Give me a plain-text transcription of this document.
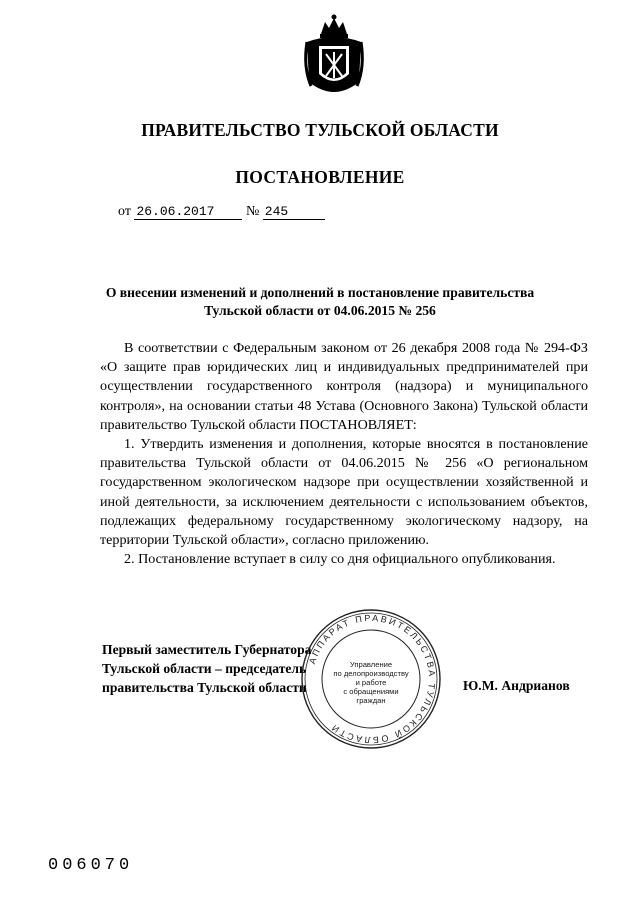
ПРАВИТЕЛЬСТВО ТУЛЬСКОЙ ОБЛАСТИ
ПОСТАНОВЛЕНИЕ
от 26.06.2017 № 245
О внесении изменений и дополнений в постановление правительства
Тульской области от 04.06.2015 № 256

В соответствии с Федеральным законом от 26 декабря 2008 года № 294-ФЗ «О защите прав юридических лиц и индивидуальных предпринимателей при осуществлении государственного контроля (надзора) и муниципального контроля», на основании статьи 48 Устава (Основного Закона) Тульской области правительство Тульской области ПОСТАНОВЛЯЕТ:

1. Утвердить изменения и дополнения, которые вносятся в постановление правительства Тульской области от 04.06.2015 № 256 «О региональном государственном экологическом надзоре при осуществлении хозяйственной и иной деятельности, за исключением деятельности с использованием объектов, подлежащих федеральному государственному экологическому надзору, на территории Тульской области», согласно приложению.

2. Постановление вступает в силу со дня официального опубликования.

Первый заместитель Губернатора
Тульской области – председатель
правительства Тульской области	Ю.М. Андрианов
АППАРАТ ПРАВИТЕЛЬСТВА ТУЛЬСКОЙ ОБЛАСТИ
Управление
по делопроизводству
и работе
с обращениями
граждан
006070
